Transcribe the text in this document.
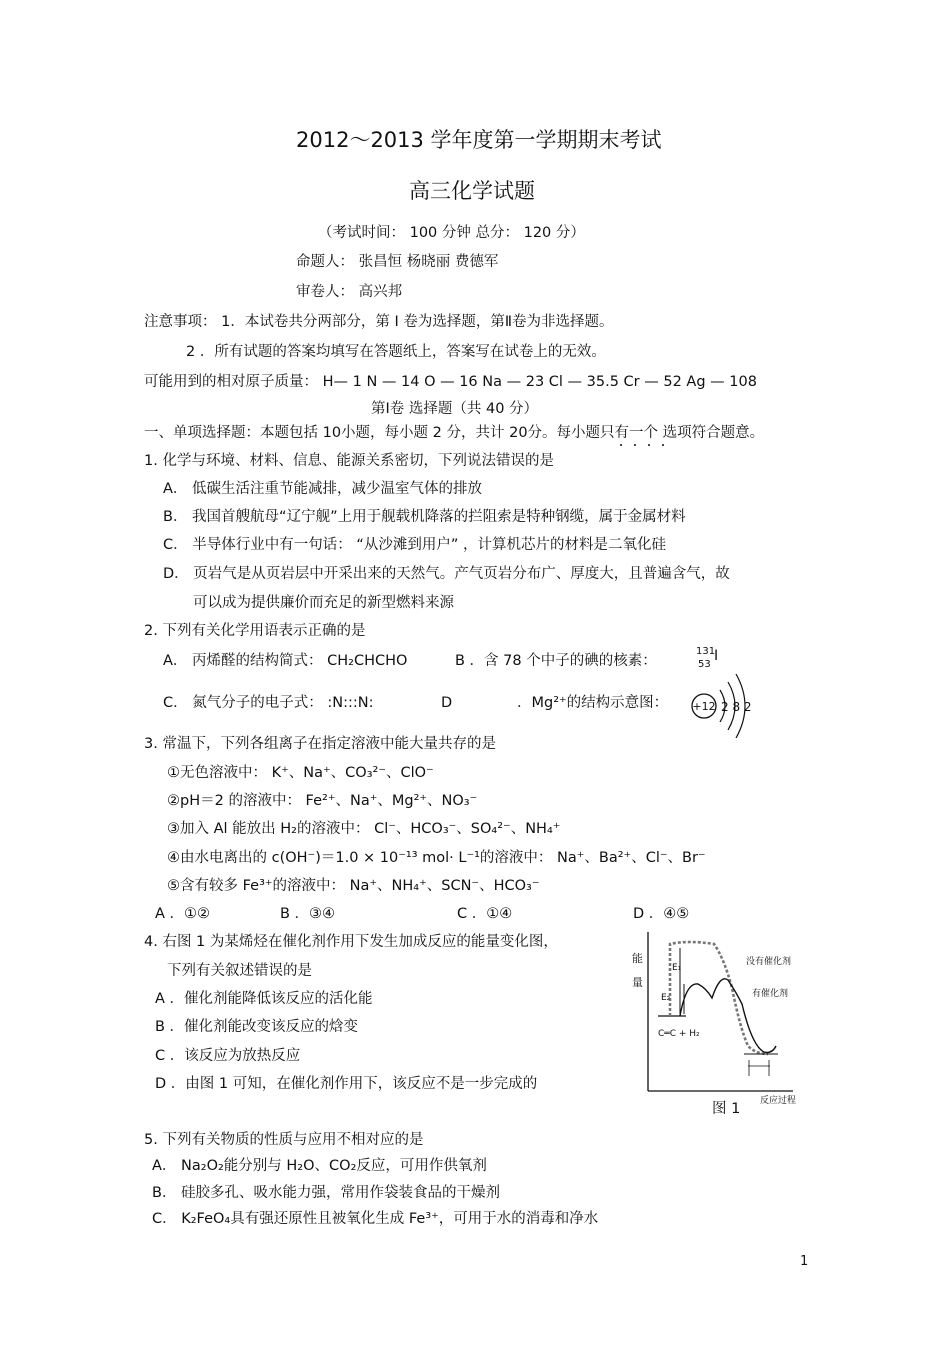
2012～2013 学年度第一学期期末考试
高三化学试题
（考试时间： 100 分钟 总分： 120 分）
命题人： 张昌恒 杨晓丽 费德军
审卷人： 高兴邦
注意事项： 1．本试卷共分两部分，第 Ⅰ 卷为选择题，第Ⅱ卷为非选择题。
2 ．所有试题的答案均填写在答题纸上，答案写在试卷上的无效。
可能用到的相对原子质量： H— 1 N — 14 O — 16 Na — 23 Cl — 35.5 Cr — 52 Ag — 108
第Ⅰ卷 选择题（共 40 分）
一、单项选择题：本题包括 10小题，每小题 2 分，共计 20分。每小题只有一个 选项符合题意。
1. 化学与环境、材料、信息、能源关系密切，下列说法错误的是
A． 低碳生活注重节能减排，减少温室气体的排放
B． 我国首艘航母“辽宁舰”上用于舰载机降落的拦阻索是特种钢缆，属于金属材料
C． 半导体行业中有一句话： “从沙滩到用户” ，计算机芯片的材料是二氧化硅
D． 页岩气是从页岩层中开采出来的天然气。产气页岩分布广、厚度大，且普遍含气，故
可以成为提供廉价而充足的新型燃料来源
2. 下列有关化学用语表示正确的是
A． 丙烯醛的结构简式： CH₂CHCHO	B ．含 78 个中子的碘的核素：
131
53
I
C． 氮气分子的电子式： :N:::N:	D	．Mg²⁺的结构示意图： +12 2 8 2
3. 常温下，下列各组离子在指定溶液中能大量共存的是
①无色溶液中： K⁺、Na⁺、CO₃²⁻、ClO⁻
②pH＝2 的溶液中： Fe²⁺、Na⁺、Mg²⁺、NO₃⁻
③加入 Al 能放出 H₂的溶液中： Cl⁻、HCO₃⁻、SO₄²⁻、NH₄⁺
④由水电离出的 c(OH⁻)＝1.0 × 10⁻¹³ mol· L⁻¹的溶液中： Na⁺、Ba²⁺、Cl⁻、Br⁻
⑤含有较多 Fe³⁺的溶液中： Na⁺、NH₄⁺、SCN⁻、HCO₃⁻
A ．①②	B ．③④	C ．①④	D ．④⑤
4. 右图 1 为某烯烃在催化剂作用下发生加成反应的能量变化图，
下列有关叙述错误的是
A ．催化剂能降低该反应的活化能
B ．催化剂能改变该反应的焓变
C ．该反应为放热反应
D ．由图 1 可知，在催化剂作用下，该反应不是一步完成的
能
量
E₁
E₂
没有催化剂
有催化剂
C═C + H₂
反应过程
图 1
5. 下列有关物质的性质与应用不相对应的是
A． Na₂O₂能分别与 H₂O、CO₂反应，可用作供氧剂
B． 硅胶多孔、吸水能力强，常用作袋装食品的干燥剂
C． K₂FeO₄具有强还原性且被氧化生成 Fe³⁺，可用于水的消毒和净水
1
